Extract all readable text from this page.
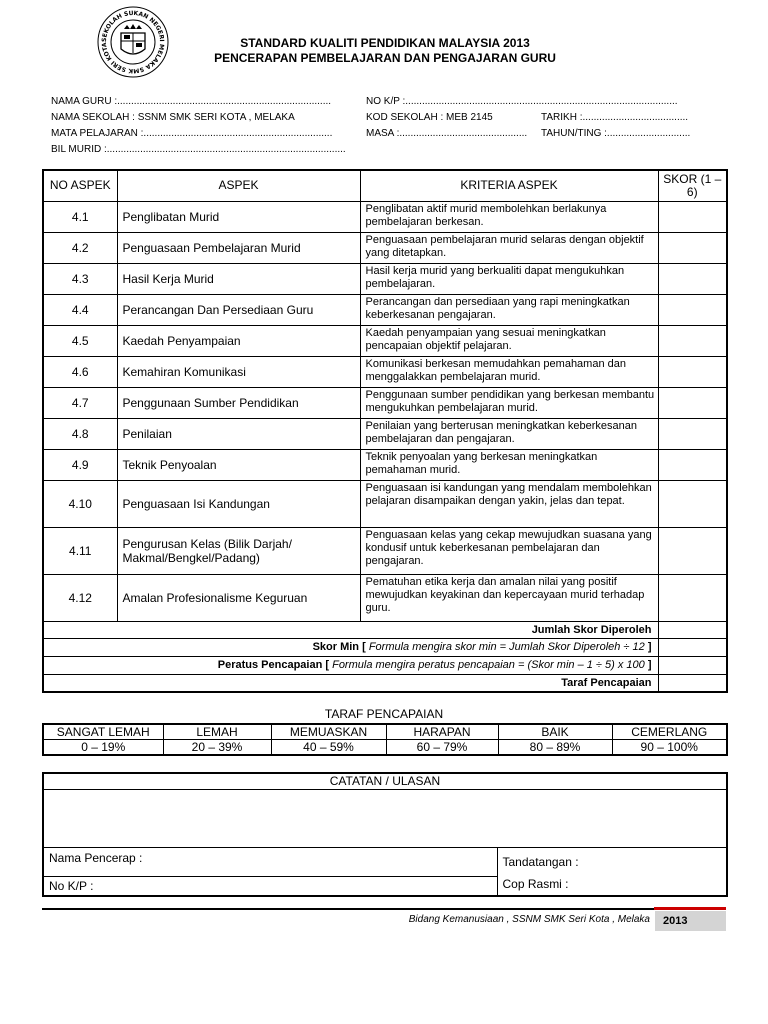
SEKOLAH SUKAN NEGERI MELAKA SMK SERI KOTA	STANDARD KUALITI PENDIDIKAN MALAYSIA 2013
PENCERAPAN PEMBELAJARAN DAN PENGAJARAN GURU
NAMA GURU :.............................................................................	NO K/P :..................................................................................................
NAMA SEKOLAH : SSNM SMK SERI KOTA , MELAKA	KOD SEKOLAH : MEB 2145	TARIKH :......................................
MATA PELAJARAN :....................................................................	MASA :.............................................. TAHUN/TING :..............................
BIL MURID :......................................................................................
NO ASPEK	ASPEK	KRITERIA ASPEK	SKOR (1 – 6)
4.1	Penglibatan Murid	Penglibatan aktif murid membolehkan berlakunya pembelajaran berkesan.	
4.2	Penguasaan Pembelajaran Murid	Penguasaan pembelajaran murid selaras dengan objektif yang ditetapkan.	
4.3	Hasil Kerja Murid	Hasil kerja murid yang berkualiti dapat mengukuhkan pembelajaran.	
4.4	Perancangan Dan Persediaan Guru	Perancangan dan persediaan yang rapi meningkatkan keberkesanan pengajaran.	
4.5	Kaedah Penyampaian	Kaedah penyampaian yang sesuai meningkatkan pencapaian objektif pelajaran.	
4.6	Kemahiran Komunikasi	Komunikasi berkesan memudahkan pemahaman dan menggalakkan pembelajaran murid.	
4.7	Penggunaan Sumber Pendidikan	Penggunaan sumber pendidikan yang berkesan membantu mengukuhkan pembelajaran murid.	
4.8	Penilaian	Penilaian yang berterusan meningkatkan keberkesanan pembelajaran dan pengajaran.	
4.9	Teknik Penyoalan	Teknik penyoalan yang berkesan meningkatkan pemahaman murid.	
4.10	Penguasaan Isi Kandungan	Penguasaan isi kandungan yang mendalam membolehkan pelajaran disampaikan dengan yakin, jelas dan tepat.	
4.11	Pengurusan Kelas (Bilik Darjah/ Makmal/Bengkel/Padang)	Penguasaan kelas yang cekap mewujudkan suasana yang kondusif untuk keberkesanan pembelajaran dan pengajaran.	
4.12	Amalan Profesionalisme Keguruan	Pematuhan etika kerja dan amalan nilai yang positif mewujudkan keyakinan dan kepercayaan murid terhadap guru.	
Jumlah Skor Diperoleh			
Skor Min [ Formula mengira skor min = Jumlah Skor Diperoleh ÷ 12 ]			
Peratus Pencapaian [ Formula mengira peratus pencapaian = (Skor min – 1 ÷ 5) x 100 ]			
Taraf Pencapaian			
TARAF PENCAPAIAN
SANGAT LEMAH	LEMAH	MEMUASKAN	HARAPAN	BAIK	CEMERLANG
0 – 19%	20 – 39%	40 – 59%	60 – 79%	80 – 89%	90 – 100%
CATATAN / ULASAN

Nama Pencerap :	Tandatangan :
Cop Rasmi :

No K/P :
Bidang Kemanusiaan , SSNM SMK Seri Kota , Melaka	2013
